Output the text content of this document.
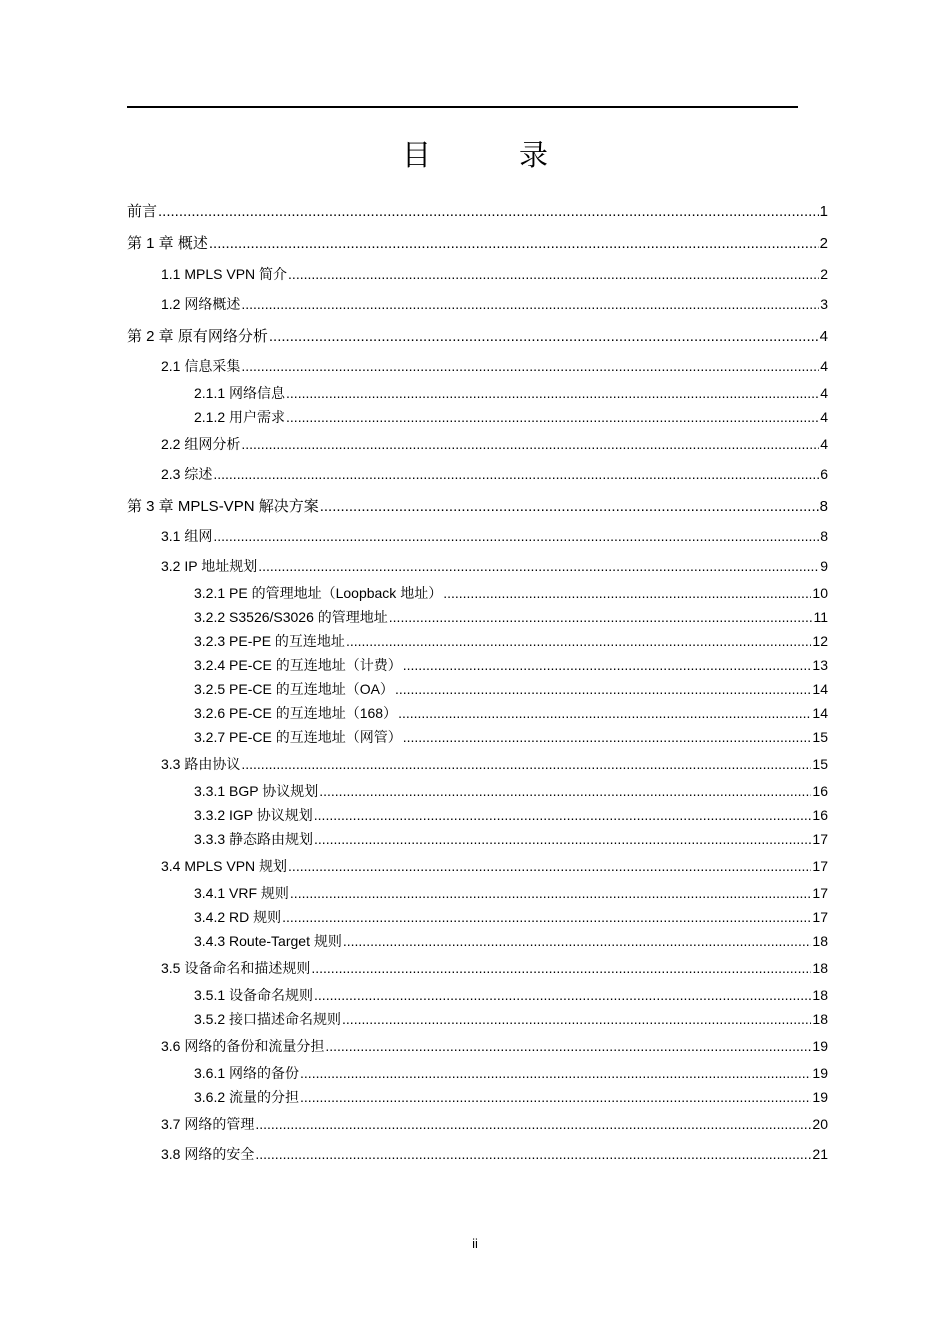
目 录
前言 .....	1
第 1 章 概述 .....	2
1.1 MPLS VPN 简介 .....	2
1.2 网络概述 .....	3
第 2 章 原有网络分析 .....	4
2.1 信息采集 .....	4
2.1.1 网络信息 .....	4
2.1.2 用户需求 .....	4
2.2 组网分析 .....	4
2.3 综述 .....	6
第 3 章 MPLS-VPN 解决方案 .....	8
3.1 组网 .....	8
3.2 IP 地址规划 .....	9
3.2.1 PE 的管理地址（Loopback 地址） .....	10
3.2.2 S3526/S3026 的管理地址 .....	11
3.2.3 PE-PE 的互连地址 .....	12
3.2.4 PE-CE 的互连地址（计费） .....	13
3.2.5 PE-CE 的互连地址（OA） .....	14
3.2.6 PE-CE 的互连地址（168） .....	14
3.2.7 PE-CE 的互连地址（网管） .....	15
3.3 路由协议 .....	15
3.3.1 BGP 协议规划 .....	16
3.3.2 IGP 协议规划 .....	16
3.3.3 静态路由规划 .....	17
3.4 MPLS VPN 规划 .....	17
3.4.1 VRF 规则 .....	17
3.4.2 RD 规则 .....	17
3.4.3 Route-Target 规则 .....	18
3.5 设备命名和描述规则 .....	18
3.5.1 设备命名规则 .....	18
3.5.2 接口描述命名规则 .....	18
3.6 网络的备份和流量分担 .....	19
3.6.1 网络的备份 .....	19
3.6.2 流量的分担 .....	19
3.7 网络的管理 .....	20
3.8 网络的安全 .....	21
ii
